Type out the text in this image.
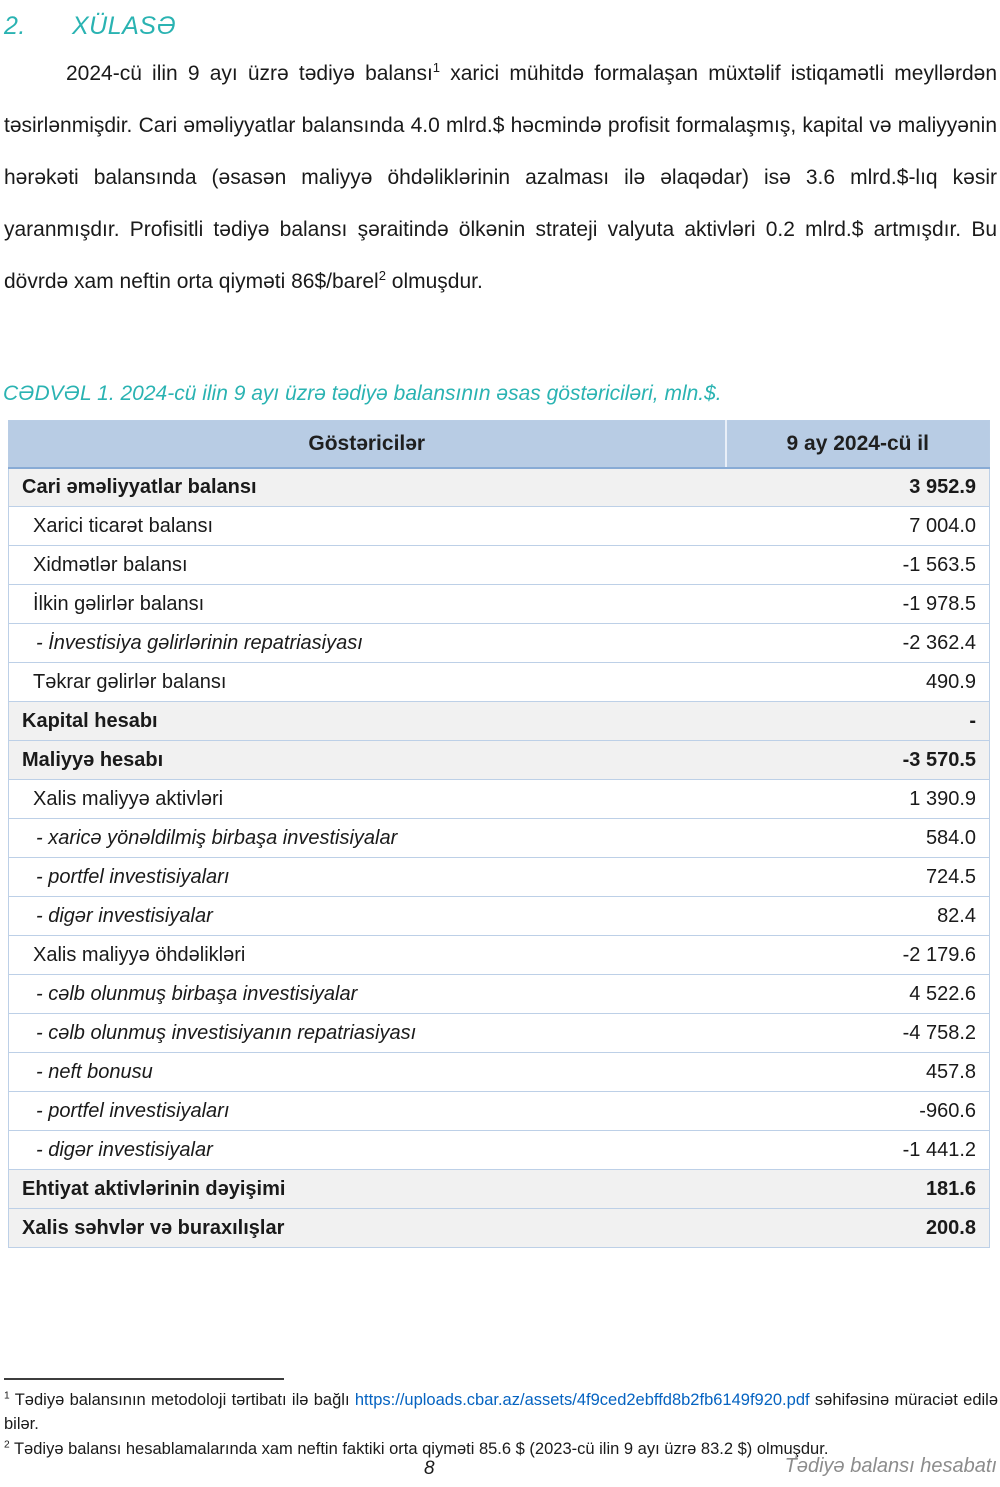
2.	XÜLASƏ

2024-cü ilin 9 ayı üzrə tədiyə balansı$^1$ xarici mühitdə formalaşan müxtəlif istiqamətli meyllərdən təsirlənmişdir. Cari əməliyyatlar balansında 4.0 mlrd.$ həcmində profisit formalaşmış, kapital və maliyyənin hərəkəti balansında (əsasən maliyyə öhdəliklərinin azalması ilə əlaqədar) isə 3.6 mlrd.$-lıq kəsir yaranmışdır. Profisitli tədiyə balansı şəraitində ölkənin strateji valyuta aktivləri 0.2 mlrd.$ artmışdır. Bu dövrdə xam neftin orta qiyməti 86$/barel$^2$ olmuşdur.

CƏDVƏL 1. 2024-cü ilin 9 ayı üzrə tədiyə balansının əsas göstəriciləri, mln.$.
Göstəricilər	9 ay 2024-cü il
Cari əməliyyatlar balansı	3 952.9
Xarici ticarət balansı	7 004.0
Xidmətlər balansı	-1 563.5
İlkin gəlirlər balansı	-1 978.5
- İnvestisiya gəlirlərinin repatriasiyası	-2 362.4
Təkrar gəlirlər balansı	490.9
Kapital hesabı	-
Maliyyə hesabı	-3 570.5
Xalis maliyyə aktivləri	1 390.9
- xaricə yönəldilmiş birbaşa investisiyalar	584.0
- portfel investisiyaları	724.5
- digər investisiyalar	82.4
Xalis maliyyə öhdəlikləri	-2 179.6
- cəlb olunmuş birbaşa investisiyalar	4 522.6
- cəlb olunmuş investisiyanın repatriasiyası	-4 758.2
- neft bonusu	457.8
- portfel investisiyaları	-960.6
- digər investisiyalar	-1 441.2
Ehtiyat aktivlərinin dəyişimi	181.6
Xalis səhvlər və buraxılışlar	200.8

$^1$ Tədiyə balansının metodoloji tərtibatı ilə bağlı https://uploads.cbar.az/assets/4f9ced2ebffd8b2fb6149f920.pdf səhifəsinə müraciət edilə bilər.

$^2$ Tədiyə balansı hesablamalarında xam neftin faktiki orta qiyməti 85.6 $ (2023-cü ilin 9 ayı üzrə 83.2 $) olmuşdur.

8	Tədiyə balansı hesabatı
